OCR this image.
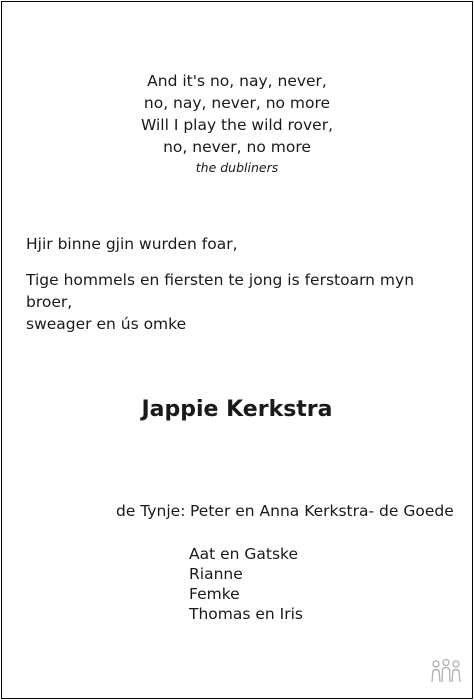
And it's no, nay, never,
no, nay, never, no more
Will I play the wild rover,
no, never, no more
the dubliners

Hjir binne gjin wurden foar,

Tige hommels en fiersten te jong is ferstoarn myn broer,

sweager en ús omke

Jappie Kerkstra
de Tynje: Peter en Anna Kerkstra- de Goede
Aat en Gatske
Rianne
Femke
Thomas en Iris
